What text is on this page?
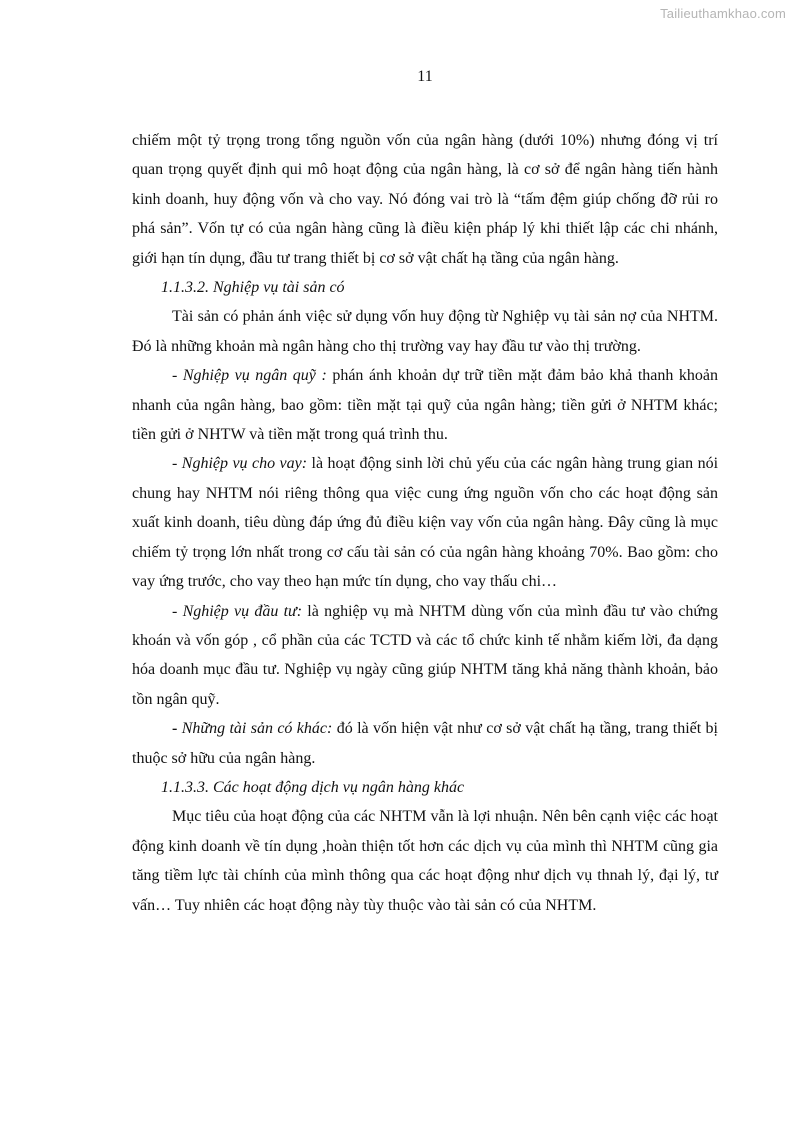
Tailieuthamkhao.com
11

chiếm một tỷ trọng trong tổng nguồn vốn của ngân hàng (dưới 10%) nhưng đóng vị trí quan trọng quyết định qui mô hoạt động của ngân hàng, là cơ sở để ngân hàng tiến hành kinh doanh, huy động vốn và cho vay. Nó đóng vai trò là “tấm đệm giúp chống đỡ rủi ro phá sản”. Vốn tự có của ngân hàng cũng là điều kiện pháp lý khi thiết lập các chi nhánh, giới hạn tín dụng, đầu tư trang thiết bị cơ sở vật chất hạ tầng của ngân hàng.

1.1.3.2. Nghiệp vụ tài sản có

Tài sản có phản ánh việc sử dụng vốn huy động từ Nghiệp vụ tài sản nợ của NHTM. Đó là những khoản mà ngân hàng cho thị trường vay hay đầu tư vào thị trường.

- Nghiệp vụ ngân quỹ : phán ánh khoản dự trữ tiền mặt đảm bảo khả thanh khoản nhanh của ngân hàng, bao gồm: tiền mặt tại quỹ của ngân hàng; tiền gửi ở NHTM khác; tiền gửi ở NHTW và tiền mặt trong quá trình thu.

- Nghiệp vụ cho vay: là hoạt động sinh lời chủ yếu của các ngân hàng trung gian nói chung hay NHTM nói riêng thông qua việc cung ứng nguồn vốn cho các hoạt động sản xuất kinh doanh, tiêu dùng đáp ứng đủ điều kiện vay vốn của ngân hàng. Đây cũng là mục chiếm tỷ trọng lớn nhất trong cơ cấu tài sản có của ngân hàng khoảng 70%. Bao gồm: cho vay ứng trước, cho vay theo hạn mức tín dụng, cho vay thấu chi…

- Nghiệp vụ đầu tư: là nghiệp vụ mà NHTM dùng vốn của mình đầu tư vào chứng khoán và vốn góp , cổ phần của các TCTD và các tổ chức kinh tế nhằm kiếm lời, đa dạng hóa doanh mục đầu tư. Nghiệp vụ ngày cũng giúp NHTM tăng khả năng thành khoản, bảo tồn ngân quỹ.

- Những tài sản có khác: đó là vốn hiện vật như cơ sở vật chất hạ tầng, trang thiết bị thuộc sở hữu của ngân hàng.

1.1.3.3. Các hoạt động dịch vụ ngân hàng khác

Mục tiêu của hoạt động của các NHTM vẫn là lợi nhuận. Nên bên cạnh việc các hoạt động kinh doanh về tín dụng ,hoàn thiện tốt hơn các dịch vụ của mình thì NHTM cũng gia tăng tiềm lực tài chính của mình thông qua các hoạt động như dịch vụ thnah lý, đại lý, tư vấn… Tuy nhiên các hoạt động này tùy thuộc vào tài sản có của NHTM.
